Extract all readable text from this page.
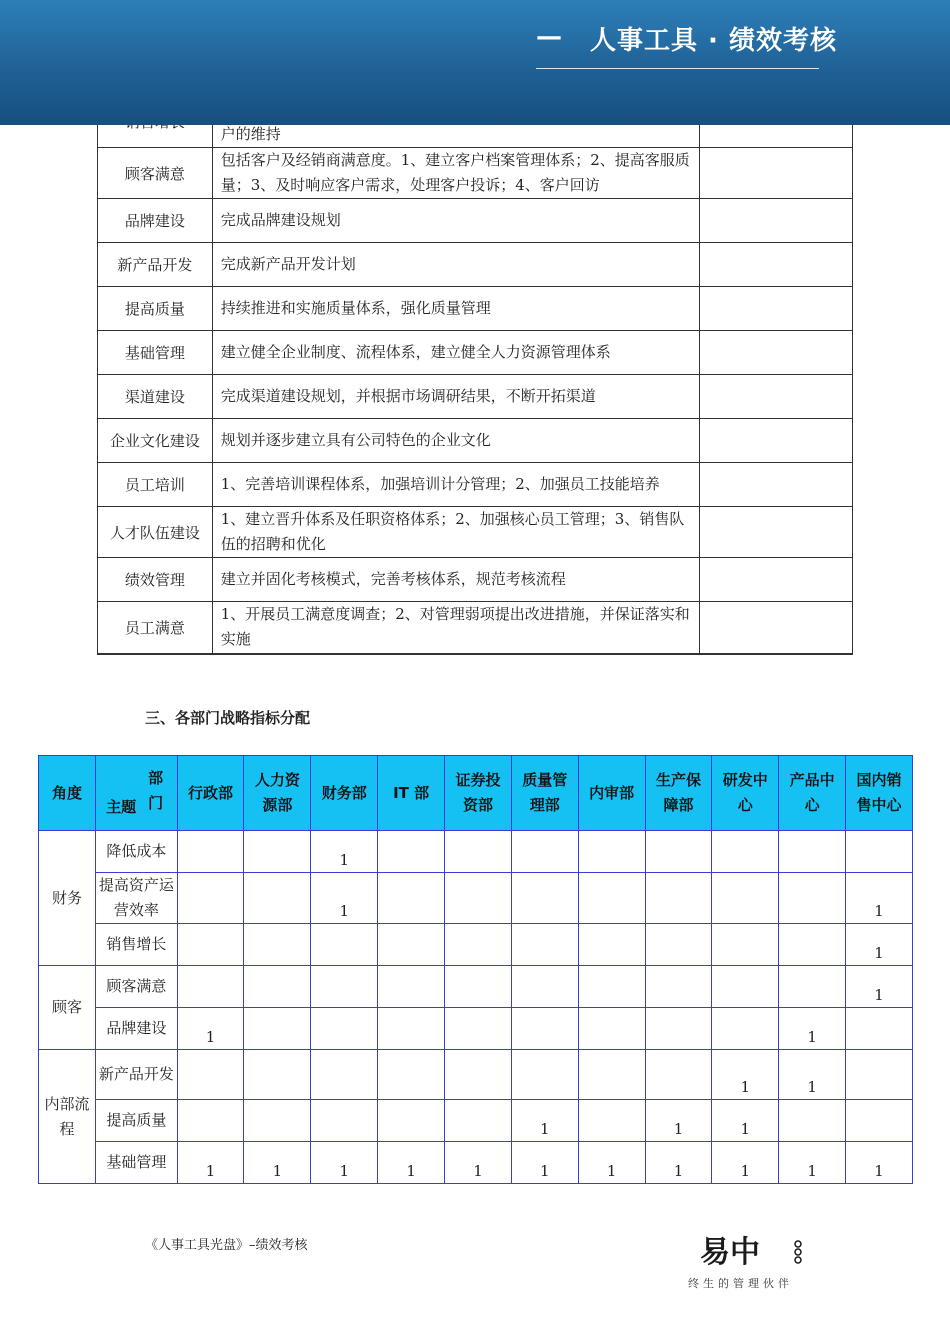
— 人事工具 · 绩效考核
	户的维持	
顾客满意	包括客户及经销商满意度。1、建立客户档案管理体系；2、提高客服质量；3、及时响应客户需求，处理客户投诉；4、客户回访	
品牌建设	完成品牌建设规划	
新产品开发	完成新产品开发计划	
提高质量	持续推进和实施质量体系，强化质量管理	
基础管理	建立健全企业制度、流程体系，建立健全人力资源管理体系	
渠道建设	完成渠道建设规划，并根据市场调研结果，不断开拓渠道	
企业文化建设	规划并逐步建立具有公司特色的企业文化	
员工培训	1、完善培训课程体系，加强培训计分管理；2、加强员工技能培养	
人才队伍建设	1、建立晋升体系及任职资格体系；2、加强核心员工管理；3、销售队伍的招聘和优化	
绩效管理	建立并固化考核模式，完善考核体系，规范考核流程	
员工满意	1、开展员工满意度调查；2、对管理弱项提出改进措施，并保证落实和实施	
三、各部门战略指标分配
角度	部门
主题	行政部	人力资源部	财务部	IT 部	证券投资部	质量管理部	内审部	生产保障部	研发中心	产品中心	国内销售中心
财务	降低成本			1								
	提高资产运营效率			1								1
	销售增长											1
顾客	顾客满意											1
	品牌建设	1									1	
内部流程	新产品开发									1	1	
	提高质量						1		1	1		
	基础管理	1	1	1	1	1	1	1	1	1	1	1
《人事工具光盘》–绩效考核	易中
终生的管理伙伴
